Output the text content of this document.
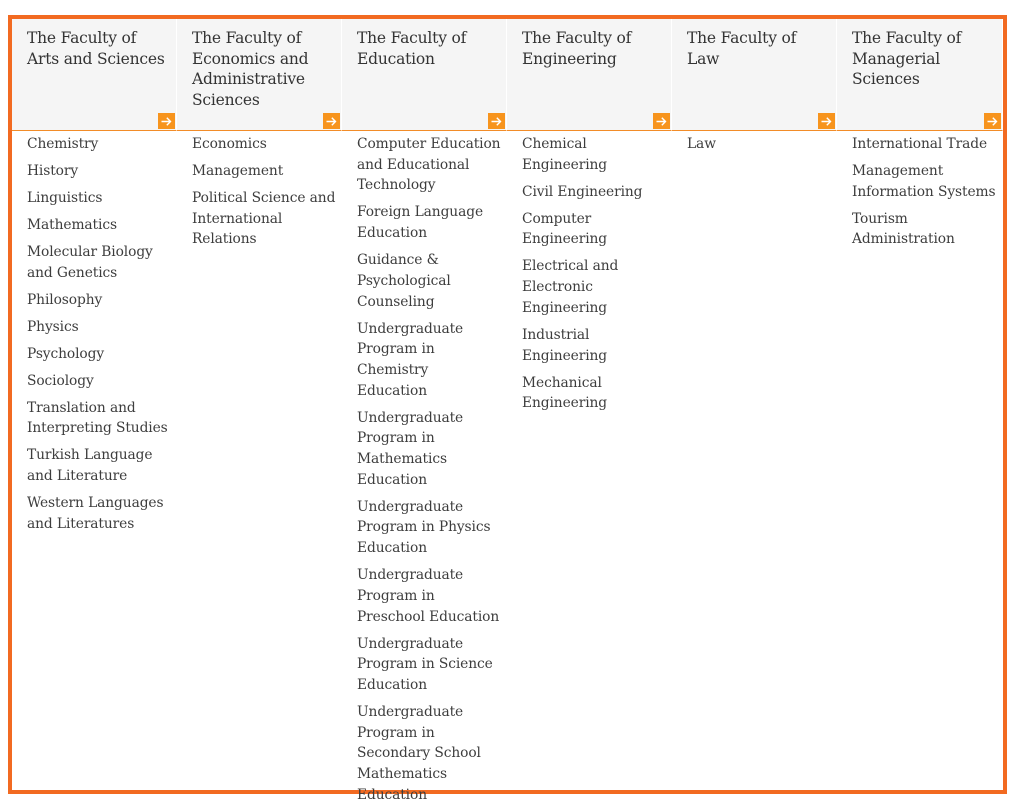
The Faculty of Arts and Sciences
Chemistry
History
Linguistics
Mathematics
Molecular Biology and Genetics
Philosophy
Physics
Psychology
Sociology
Translation and Interpreting Studies
Turkish Language and Literature
Western Languages and Literatures
The Faculty of Economics and Administrative Sciences
Economics
Management
Political Science and International Relations
The Faculty of Education
Computer Education and Educational Technology
Foreign Language Education
Guidance & Psychological Counseling
Undergraduate Program in Chemistry Education
Undergraduate Program in Mathematics Education
Undergraduate Program in Physics Education
Undergraduate Program in Preschool Education
Undergraduate Program in Science Education
Undergraduate Program in Secondary School Mathematics Education
The Faculty of Engineering
Chemical Engineering
Civil Engineering
Computer Engineering
Electrical and Electronic Engineering
Industrial Engineering
Mechanical Engineering
The Faculty of Law
Law
The Faculty of Managerial Sciences
International Trade
Management Information Systems
Tourism Administration
